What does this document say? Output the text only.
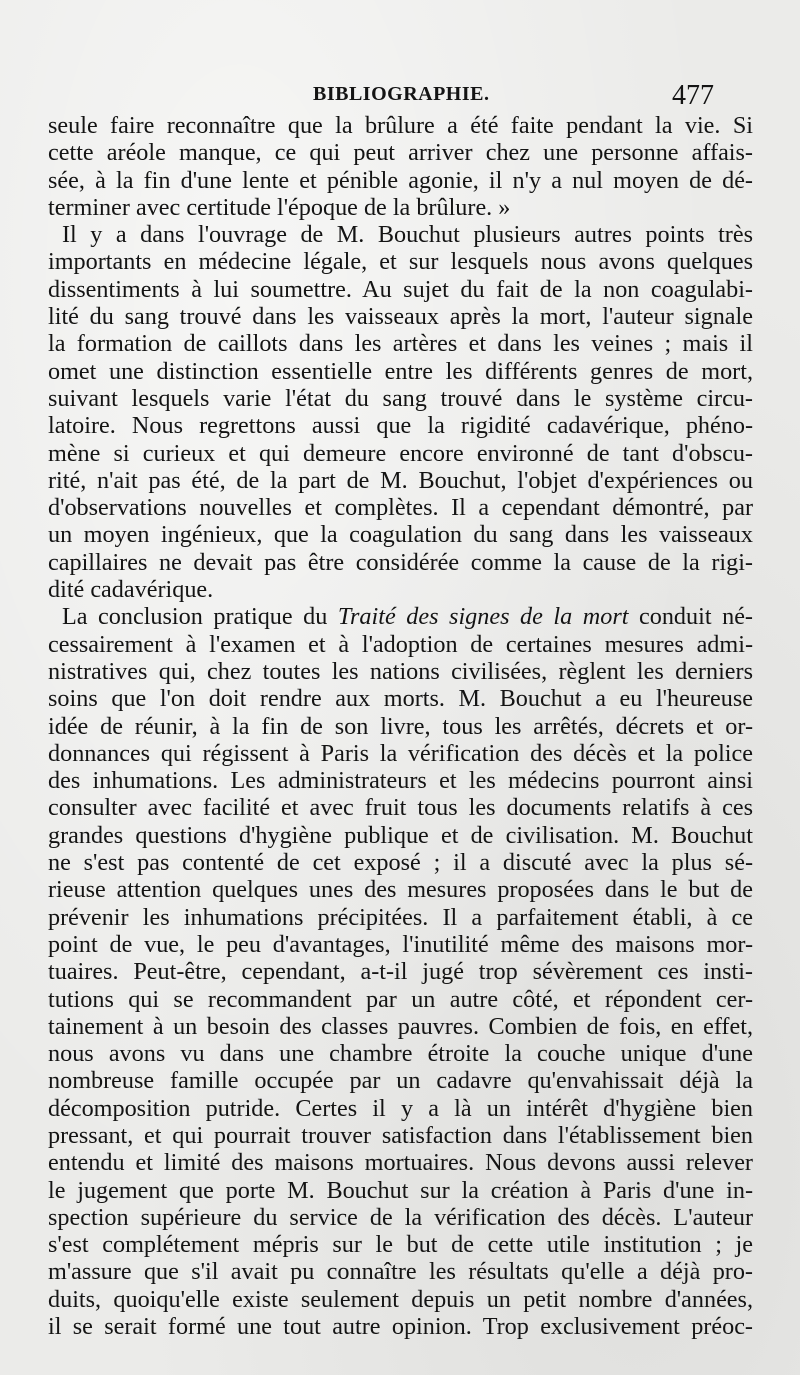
BIBLIOGRAPHIE.	477
seule faire reconnaître que la brûlure a été faite pendant la vie. Si
cette aréole manque, ce qui peut arriver chez une personne affais-
sée, à la fin d'une lente et pénible agonie, il n'y a nul moyen de dé-
terminer avec certitude l'époque de la brûlure. »
Il y a dans l'ouvrage de M. Bouchut plusieurs autres points très
importants en médecine légale, et sur lesquels nous avons quelques
dissentiments à lui soumettre. Au sujet du fait de la non coagulabi-
lité du sang trouvé dans les vaisseaux après la mort, l'auteur signale
la formation de caillots dans les artères et dans les veines ; mais il
omet une distinction essentielle entre les différents genres de mort,
suivant lesquels varie l'état du sang trouvé dans le système circu-
latoire. Nous regrettons aussi que la rigidité cadavérique, phéno-
mène si curieux et qui demeure encore environné de tant d'obscu-
rité, n'ait pas été, de la part de M. Bouchut, l'objet d'expériences ou
d'observations nouvelles et complètes. Il a cependant démontré, par
un moyen ingénieux, que la coagulation du sang dans les vaisseaux
capillaires ne devait pas être considérée comme la cause de la rigi-
dité cadavérique.
La conclusion pratique du Traité des signes de la mort conduit né-
cessairement à l'examen et à l'adoption de certaines mesures admi-
nistratives qui, chez toutes les nations civilisées, règlent les derniers
soins que l'on doit rendre aux morts. M. Bouchut a eu l'heureuse
idée de réunir, à la fin de son livre, tous les arrêtés, décrets et or-
donnances qui régissent à Paris la vérification des décès et la police
des inhumations. Les administrateurs et les médecins pourront ainsi
consulter avec facilité et avec fruit tous les documents relatifs à ces
grandes questions d'hygiène publique et de civilisation. M. Bouchut
ne s'est pas contenté de cet exposé ; il a discuté avec la plus sé-
rieuse attention quelques unes des mesures proposées dans le but de
prévenir les inhumations précipitées. Il a parfaitement établi, à ce
point de vue, le peu d'avantages, l'inutilité même des maisons mor-
tuaires. Peut-être, cependant, a-t-il jugé trop sévèrement ces insti-
tutions qui se recommandent par un autre côté, et répondent cer-
tainement à un besoin des classes pauvres. Combien de fois, en effet,
nous avons vu dans une chambre étroite la couche unique d'une
nombreuse famille occupée par un cadavre qu'envahissait déjà la
décomposition putride. Certes il y a là un intérêt d'hygiène bien
pressant, et qui pourrait trouver satisfaction dans l'établissement bien
entendu et limité des maisons mortuaires. Nous devons aussi relever
le jugement que porte M. Bouchut sur la création à Paris d'une in-
spection supérieure du service de la vérification des décès. L'auteur
s'est complétement mépris sur le but de cette utile institution ; je
m'assure que s'il avait pu connaître les résultats qu'elle a déjà pro-
duits, quoiqu'elle existe seulement depuis un petit nombre d'années,
il se serait formé une tout autre opinion. Trop exclusivement préoc-
